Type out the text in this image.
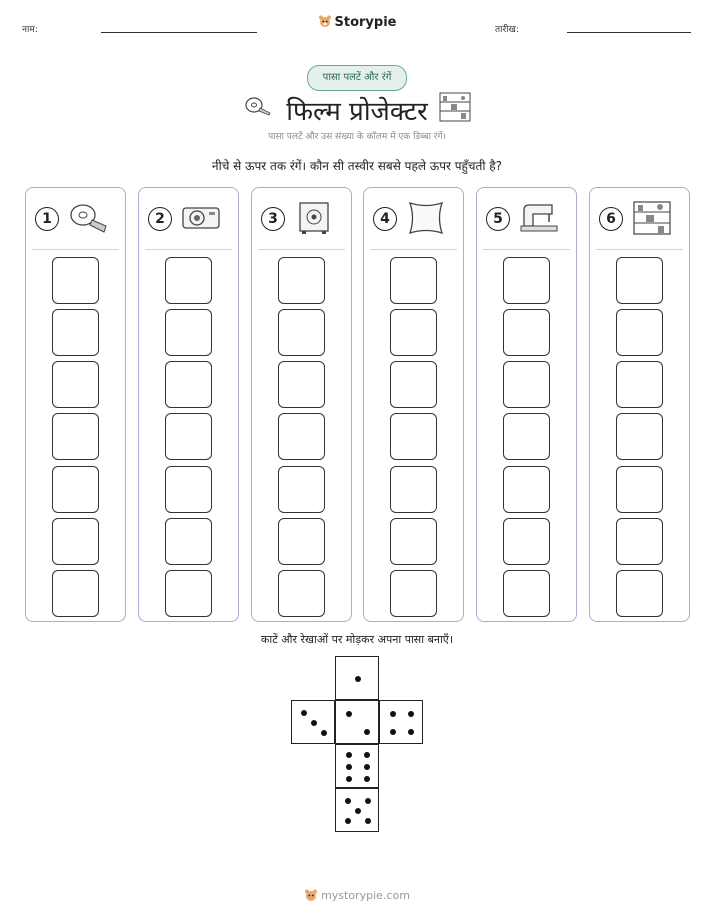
नाम:	Storypie	तारीख:
पासा पलटें और रंगें
फिल्म प्रोजेक्टर
पासा पलटें और उस संख्या के कॉलम में एक डिब्बा रंगें।
नीचे से ऊपर तक रंगें। कौन सी तस्वीर सबसे पहले ऊपर पहुँचती है?
1	2	3	4	5	6
काटें और रेखाओं पर मोड़कर अपना पासा बनाएँ।
mystorypie.com
